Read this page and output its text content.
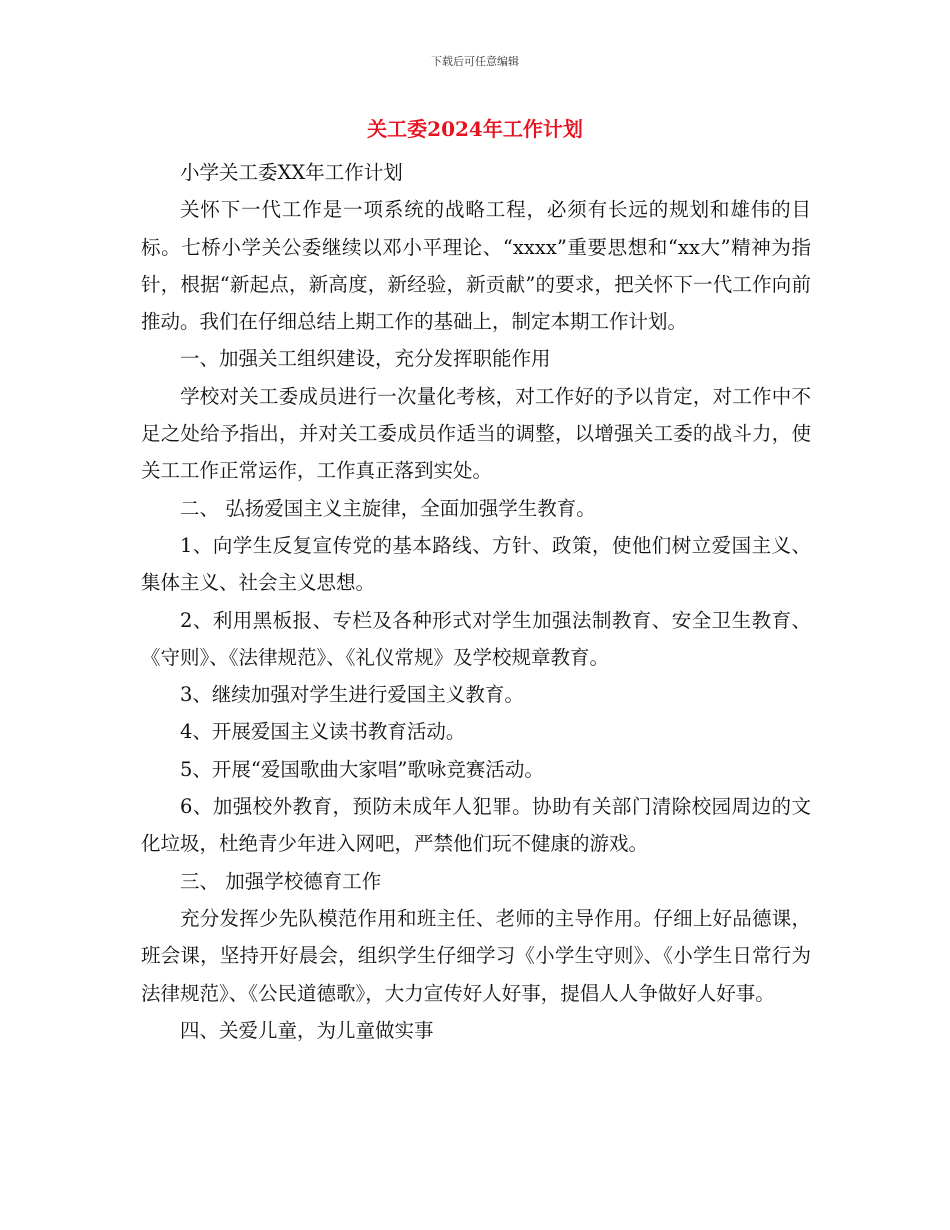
下载后可任意编辑
关工委2024年工作计划

小学关工委XX年工作计划

关怀下一代工作是一项系统的战略工程，必须有长远的规划和雄伟的目标。七桥小学关公委继续以邓小平理论、“xxxx”重要思想和“xx大”精神为指针，根据“新起点，新高度，新经验，新贡献”的要求，把关怀下一代工作向前推动。我们在仔细总结上期工作的基础上，制定本期工作计划。

一、加强关工组织建设，充分发挥职能作用

学校对关工委成员进行一次量化考核，对工作好的予以肯定，对工作中不足之处给予指出，并对关工委成员作适当的调整，以增强关工委的战斗力，使关工工作正常运作，工作真正落到实处。

二、 弘扬爱国主义主旋律，全面加强学生教育。

1、向学生反复宣传党的基本路线、方针、政策，使他们树立爱国主义、集体主义、社会主义思想。

2、利用黑板报、专栏及各种形式对学生加强法制教育、安全卫生教育、《守则》、《法律规范》、《礼仪常规》及学校规章教育。

3、继续加强对学生进行爱国主义教育。

4、开展爱国主义读书教育活动。

5、开展“爱国歌曲大家唱”歌咏竞赛活动。

6、加强校外教育，预防未成年人犯罪。协助有关部门清除校园周边的文化垃圾，杜绝青少年进入网吧，严禁他们玩不健康的游戏。

三、 加强学校德育工作

充分发挥少先队模范作用和班主任、老师的主导作用。仔细上好品德课，班会课，坚持开好晨会，组织学生仔细学习《小学生守则》、《小学生日常行为法律规范》、《公民道德歌》，大力宣传好人好事，提倡人人争做好人好事。

四、关爱儿童，为儿童做实事
